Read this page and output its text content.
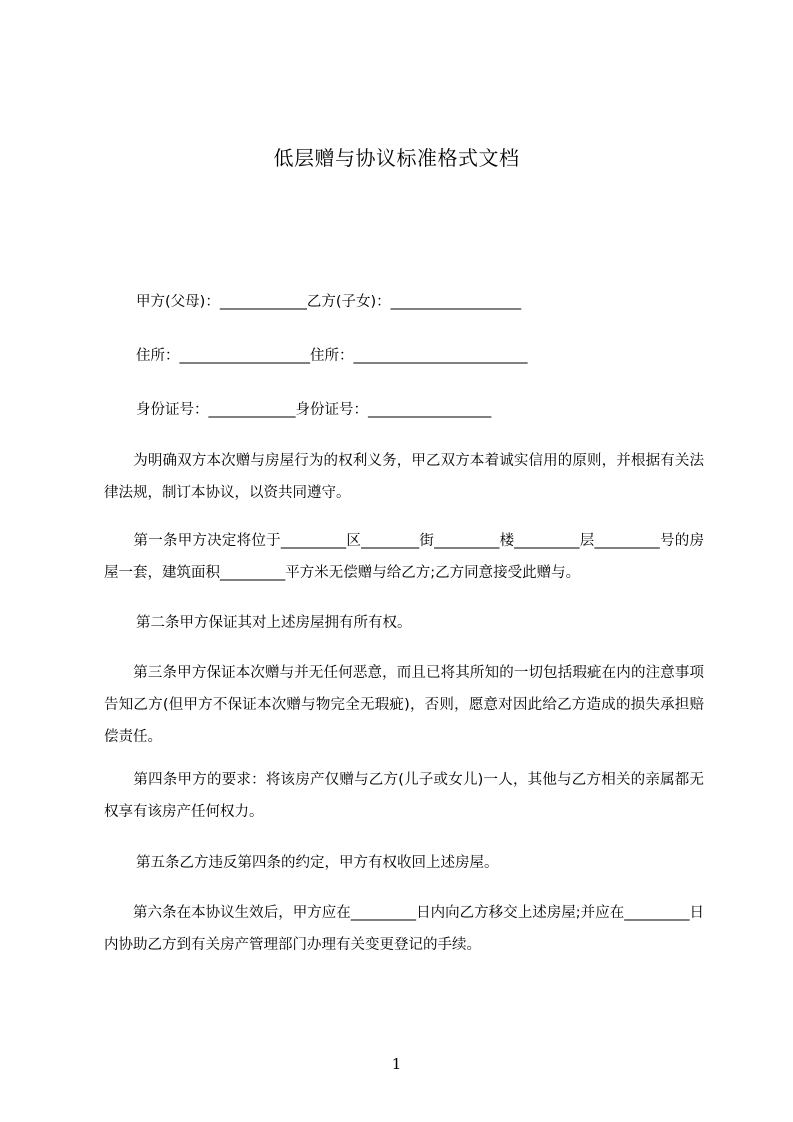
低层赠与协议标准格式文档
甲方(父母)：____________乙方(子女)：__________________
住所：__________________住所：________________________
身份证号：____________身份证号：_________________
　　为明确双方本次赠与房屋行为的权利义务，甲乙双方本着诚实信用的原则，并根据有关法律法规，制订本协议，以资共同遵守。
　　第一条甲方决定将位于_________区________街_________楼_________层_________号的房屋一套，建筑面积_________平方米无偿赠与给乙方;乙方同意接受此赠与。
第二条甲方保证其对上述房屋拥有所有权。
　　第三条甲方保证本次赠与并无任何恶意，而且已将其所知的一切包括瑕疵在内的注意事项告知乙方(但甲方不保证本次赠与物完全无瑕疵)，否则，愿意对因此给乙方造成的损失承担赔偿责任。
　　第四条甲方的要求：将该房产仅赠与乙方(儿子或女儿)一人，其他与乙方相关的亲属都无权享有该房产任何权力。
第五条乙方违反第四条的约定，甲方有权收回上述房屋。
　　第六条在本协议生效后，甲方应在_________日内向乙方移交上述房屋;并应在_________日内协助乙方到有关房产管理部门办理有关变更登记的手续。
1
